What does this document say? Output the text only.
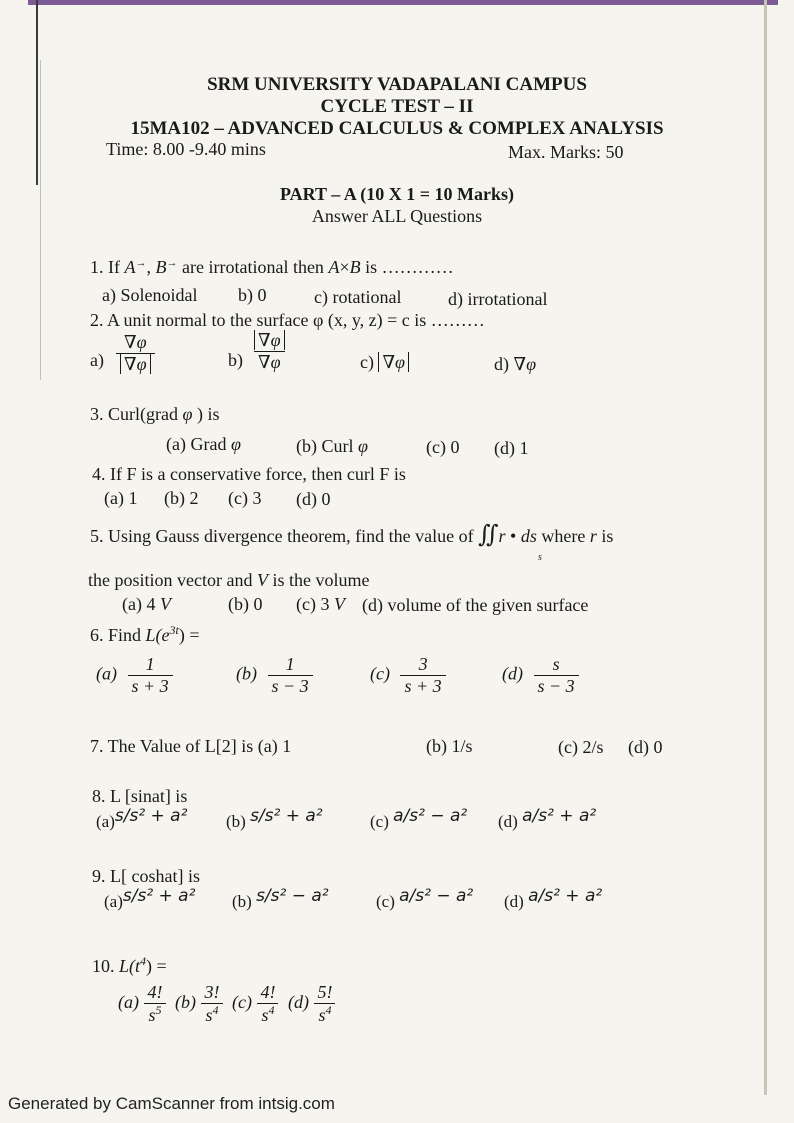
SRM UNIVERSITY VADAPALANI CAMPUS
CYCLE TEST – II
15MA102 – ADVANCED CALCULUS & COMPLEX ANALYSIS
Time: 8.00 -9.40 mins	Max. Marks: 50
PART – A (10 X 1 = 10 Marks)
Answer ALL Questions
1. If A→, B→ are irrotational then A×B is …………
a) Solenoidal b) 0	c) rotational	d) irrotational
2. A unit normal to the surface φ (x, y, z) = c is ………
$a) \frac{\nabla\varphi}{\nabla\varphi}$	$b) \frac{\nabla\varphi}{\nabla\varphi}$	c) ∇φ	d) ∇φ
3. Curl(grad φ ) is
(a) Grad φ	(b) Curl φ	(c) 0 (d) 1
4. If F is a conservative force, then curl F is
(a) 1 (b) 2 (c) 3 (d) 0
5. Using Gauss divergence theorem, find the value of ∬r • ds where r is
s
the position vector and V is the volume
(a) 4 V	(b) 0 (c) 3 V (d) volume of the given surface
6. Find $L(e^{3t})$ =
$(a) \frac{1}{s + 3}$	$(b) \frac{1}{s - 3}$	$(c) \frac{3}{s + 3}$	$(d) \frac{s}{s - 3}$
7. The Value of L[2] is (a) 1	(b) 1/s	(c) 2/s (d) 0
8. L [sinat] is
(a)s/s² + a² (b) s/s² + a²	(c) a/s² − a² (d) a/s² + a²
9. L[ coshat] is
(a)s/s² + a² (b) s/s² − a²	(c) a/s² − a² (d) a/s² + a²
10. $L(t^4)$ =
$(a) \frac{4!}{s^5} (b) \frac{3!}{s^4} (c) \frac{4!}{s^4} (d) \frac{5!}{s^4}$
Generated by CamScanner from intsig.com
